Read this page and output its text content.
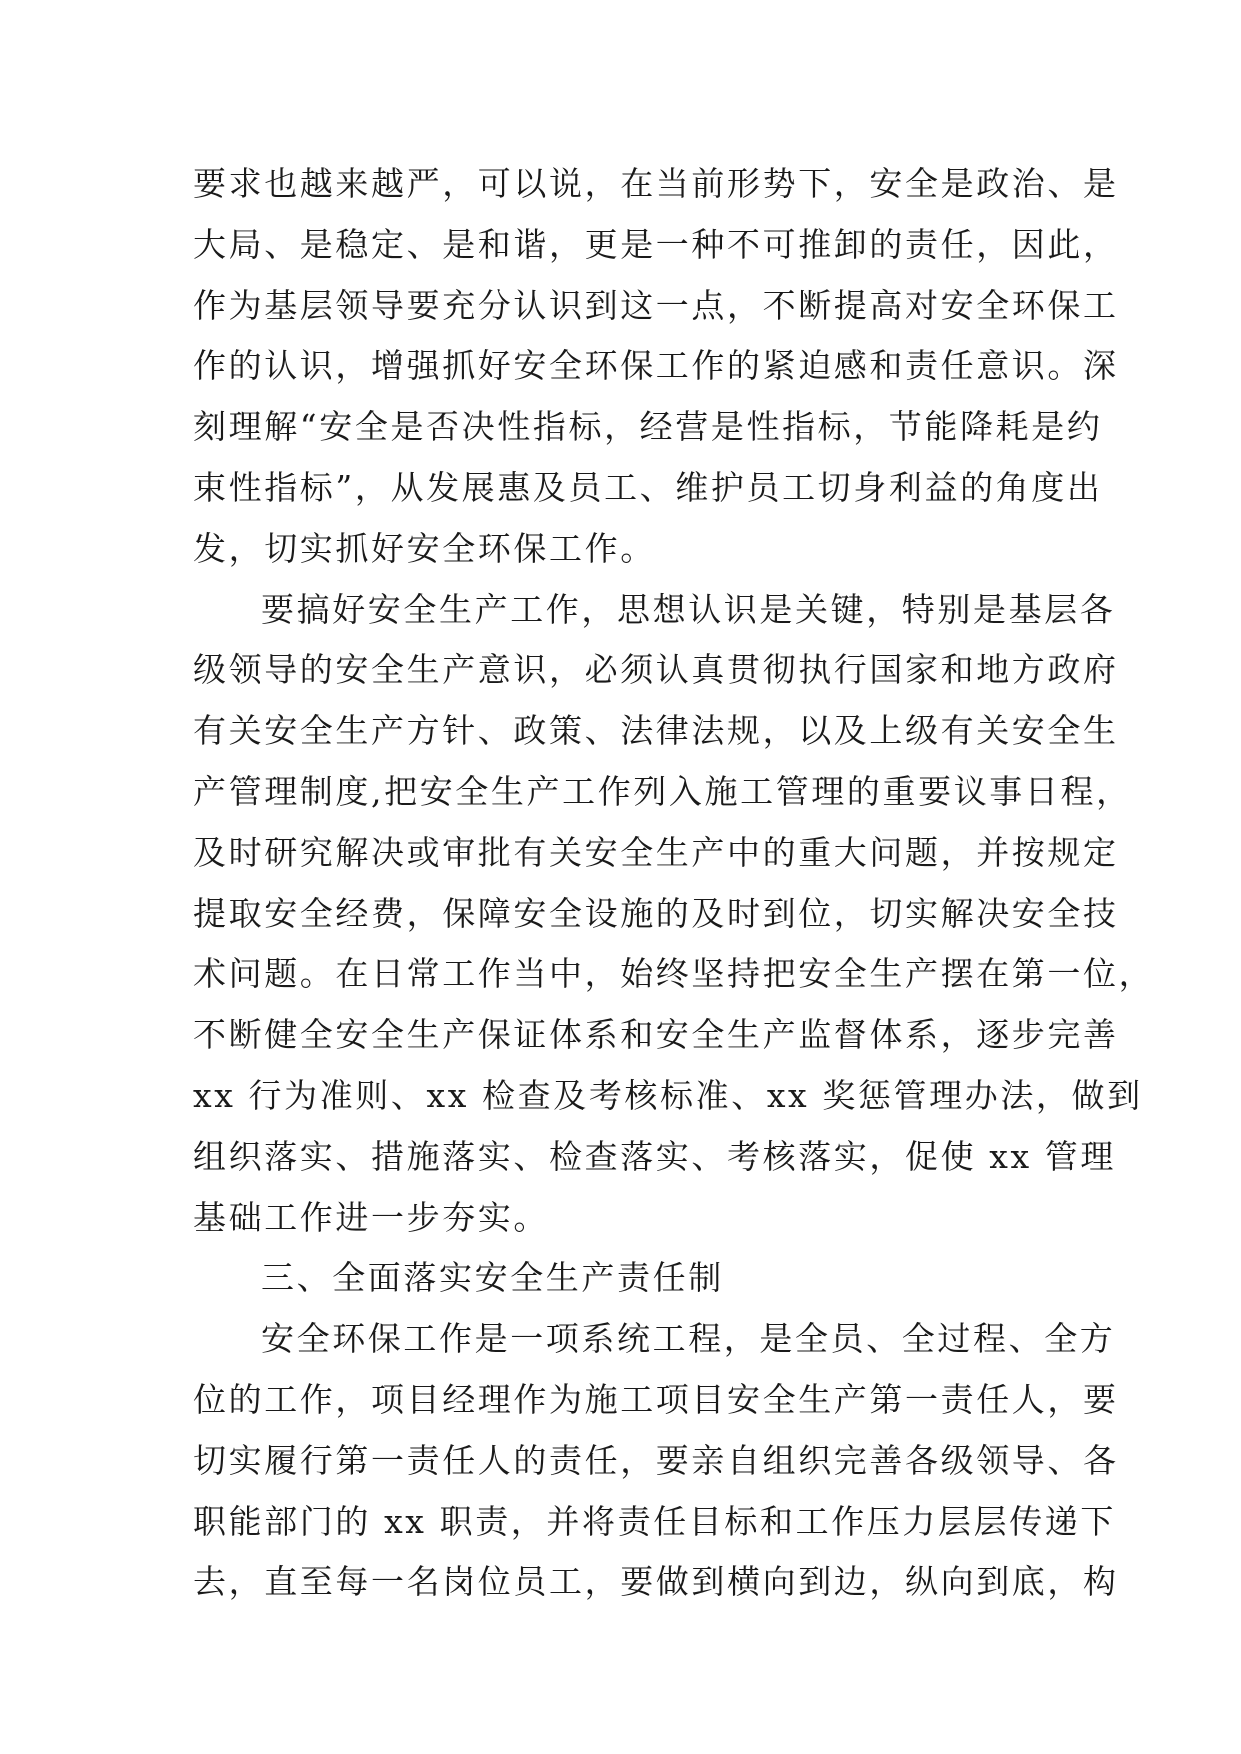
要求也越来越严，可以说，在当前形势下，安全是政治、是
大局、是稳定、是和谐，更是一种不可推卸的责任，因此，
作为基层领导要充分认识到这一点，不断提高对安全环保工
作的认识，增强抓好安全环保工作的紧迫感和责任意识。深
刻理解“安全是否决性指标，经营是性指标，节能降耗是约
束性指标”，从发展惠及员工、维护员工切身利益的角度出
发，切实抓好安全环保工作。
要搞好安全生产工作，思想认识是关键，特别是基层各
级领导的安全生产意识，必须认真贯彻执行国家和地方政府
有关安全生产方针、政策、法律法规，以及上级有关安全生
产管理制度,把安全生产工作列入施工管理的重要议事日程，
及时研究解决或审批有关安全生产中的重大问题，并按规定
提取安全经费，保障安全设施的及时到位，切实解决安全技
术问题。在日常工作当中，始终坚持把安全生产摆在第一位，
不断健全安全生产保证体系和安全生产监督体系，逐步完善
xx 行为准则、xx 检查及考核标准、xx 奖惩管理办法，做到
组织落实、措施落实、检查落实、考核落实，促使 xx 管理
基础工作进一步夯实。
三、全面落实安全生产责任制
安全环保工作是一项系统工程，是全员、全过程、全方
位的工作，项目经理作为施工项目安全生产第一责任人，要
切实履行第一责任人的责任，要亲自组织完善各级领导、各
职能部门的 xx 职责，并将责任目标和工作压力层层传递下
去，直至每一名岗位员工，要做到横向到边，纵向到底，构
